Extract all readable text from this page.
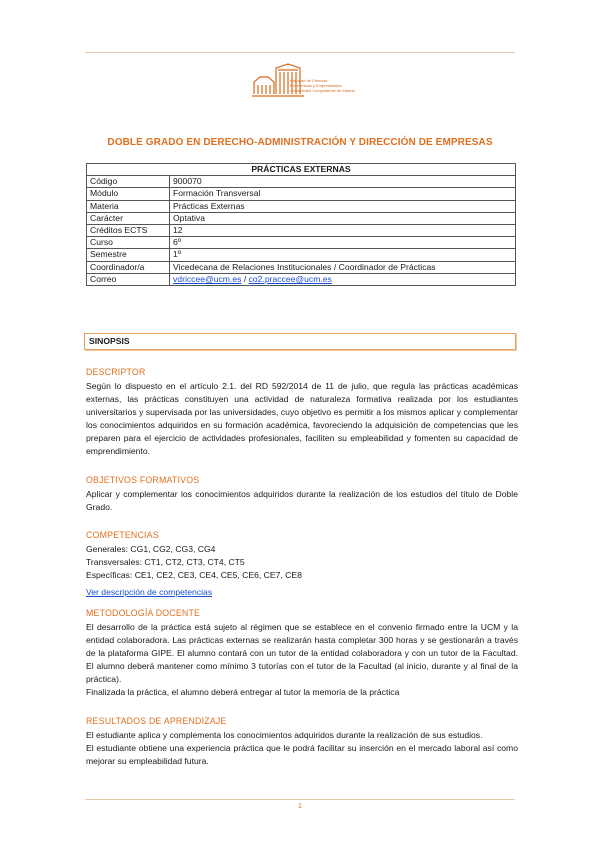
Facultad de Ciencias
Económicas y Empresariales
Universidad Complutense de Madrid
DOBLE GRADO EN DERECHO-ADMINISTRACIÓN Y DIRECCIÓN DE EMPRESAS
PRÁCTICAS EXTERNAS	
Código	900070
Módulo	Formación Transversal
Materia	Prácticas Externas
Carácter	Optativa
Créditos ECTS	12
Curso	6º
Semestre	1º
Coordinador/a	Vicedecana de Relaciones Institucionales / Coordinador de Prácticas
Correo	vdriccee@ucm.es / co2.praccee@ucm.es
SINOPSIS
DESCRIPTOR

Según lo dispuesto en el artículo 2.1. del RD 592/2014 de 11 de julio, que regula las prácticas académicas externas, las prácticas constituyen una actividad de naturaleza formativa realizada por los estudiantes universitarios y supervisada por las universidades, cuyo objetivo es permitir a los mismos aplicar y complementar los conocimientos adquiridos en su formación académica, favoreciendo la adquisición de competencias que les preparen para el ejercicio de actividades profesionales, faciliten su empleabilidad y fomenten su capacidad de emprendimiento.

OBJETIVOS FORMATIVOS

Aplicar y complementar los conocimientos adquiridos durante la realización de los estudios del título de Doble Grado.

COMPETENCIAS

Generales: CG1, CG2, CG3, CG4

Transversales: CT1, CT2, CT3, CT4, CT5

Específicas: CE1, CE2, CE3, CE4, CE5, CE6, CE7, CE8

Ver descripción de competencias
METODOLOGÍA DOCENTE

El desarrollo de la práctica está sujeto al régimen que se establece en el convenio firmado entre la UCM y la entidad colaboradora. Las prácticas externas se realizarán hasta completar 300 horas y se gestionarán a través de la plataforma GIPE. El alumno contará con un tutor de la entidad colaboradora y con un tutor de la Facultad. El alumno deberá mantener como mínimo 3 tutorías con el tutor de la Facultad (al inicio, durante y al final de la práctica).

Finalizada la práctica, el alumno deberá entregar al tutor la memoria de la práctica

RESULTADOS DE APRENDIZAJE

El estudiante aplica y complementa los conocimientos adquiridos durante la realización de sus estudios.

El estudiante obtiene una experiencia práctica que le podrá facilitar su inserción en el mercado laboral así como mejorar su empleabilidad futura.

1
